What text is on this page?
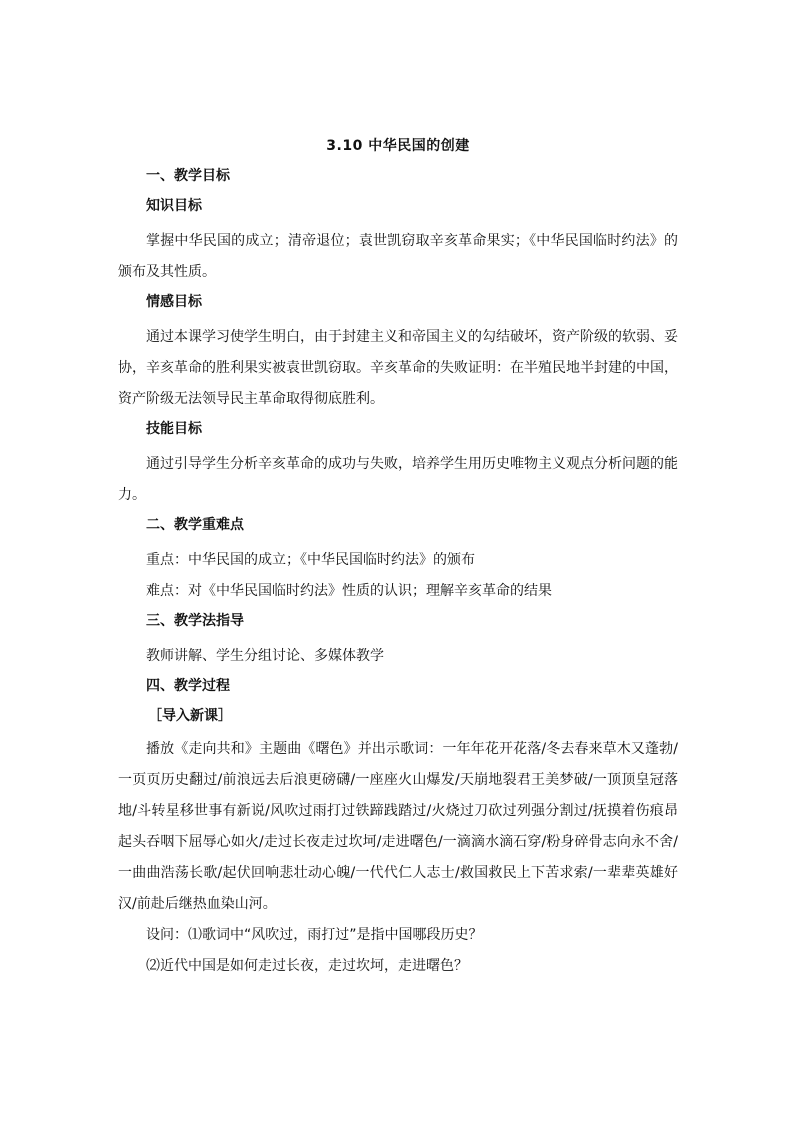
3.10 中华民国的创建
一、教学目标
知识目标

掌握中华民国的成立；清帝退位；袁世凯窃取辛亥革命果实；《中华民国临时约法》的颁布及其性质。

情感目标

通过本课学习使学生明白，由于封建主义和帝国主义的勾结破坏，资产阶级的软弱、妥协，辛亥革命的胜利果实被袁世凯窃取。辛亥革命的失败证明：在半殖民地半封建的中国，资产阶级无法领导民主革命取得彻底胜利。

技能目标

通过引导学生分析辛亥革命的成功与失败，培养学生用历史唯物主义观点分析问题的能力。

二、教学重难点

重点：中华民国的成立；《中华民国临时约法》的颁布

难点：对《中华民国临时约法》性质的认识；理解辛亥革命的结果

三、教学法指导

教师讲解、学生分组讨论、多媒体教学

四、教学过程
［导入新课］

播放《走向共和》主题曲《曙色》并出示歌词：一年年花开花落/冬去春来草木又蓬勃/一页页历史翻过/前浪远去后浪更磅礴/一座座火山爆发/天崩地裂君王美梦破/一顶顶皇冠落地/斗转星移世事有新说/风吹过雨打过铁蹄践踏过/火烧过刀砍过列强分割过/抚摸着伤痕昂起头吞咽下屈辱心如火/走过长夜走过坎坷/走进曙色/一滴滴水滴石穿/粉身碎骨志向永不舍/一曲曲浩荡长歌/起伏回响悲壮动心魄/一代代仁人志士/救国救民上下苦求索/一辈辈英雄好汉/前赴后继热血染山河。

设问：⑴歌词中“风吹过，雨打过”是指中国哪段历史？

⑵近代中国是如何走过长夜，走过坎坷，走进曙色？
